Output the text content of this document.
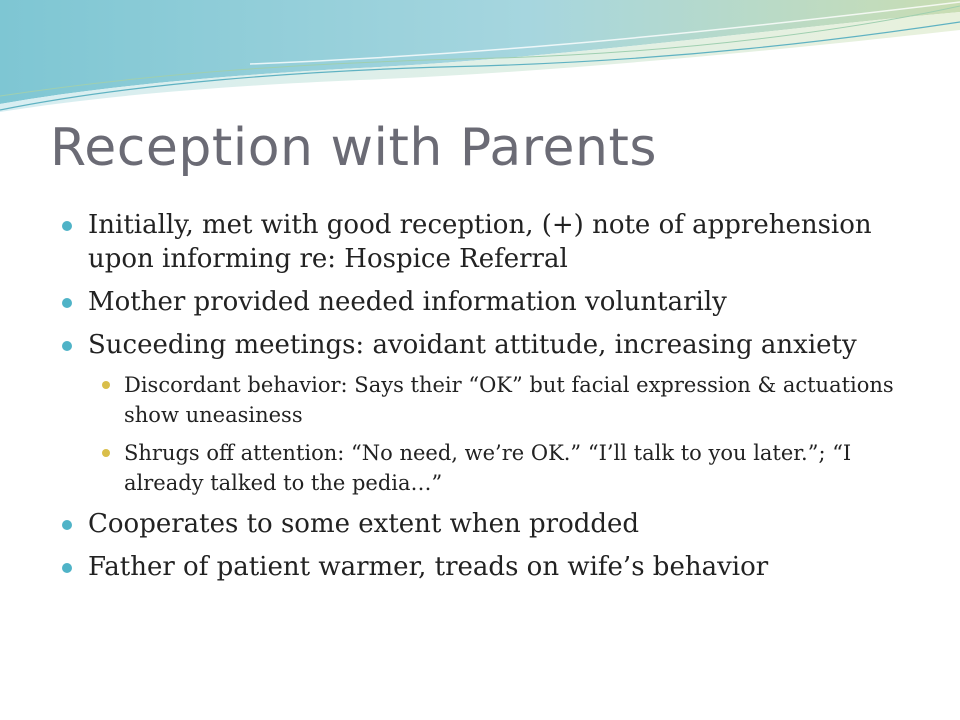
Reception with Parents
Initially, met with good reception, (+) note of apprehension upon informing re: Hospice Referral
Mother provided needed information voluntarily
Suceeding meetings: avoidant attitude, increasing anxiety
Discordant behavior: Says their “OK” but facial expression & actuations show uneasiness
Shrugs off attention: “No need, we’re OK.” “I’ll talk to you later.”; “I already talked to the pedia…”
Cooperates to some extent when prodded
Father of patient warmer, treads on wife’s behavior
